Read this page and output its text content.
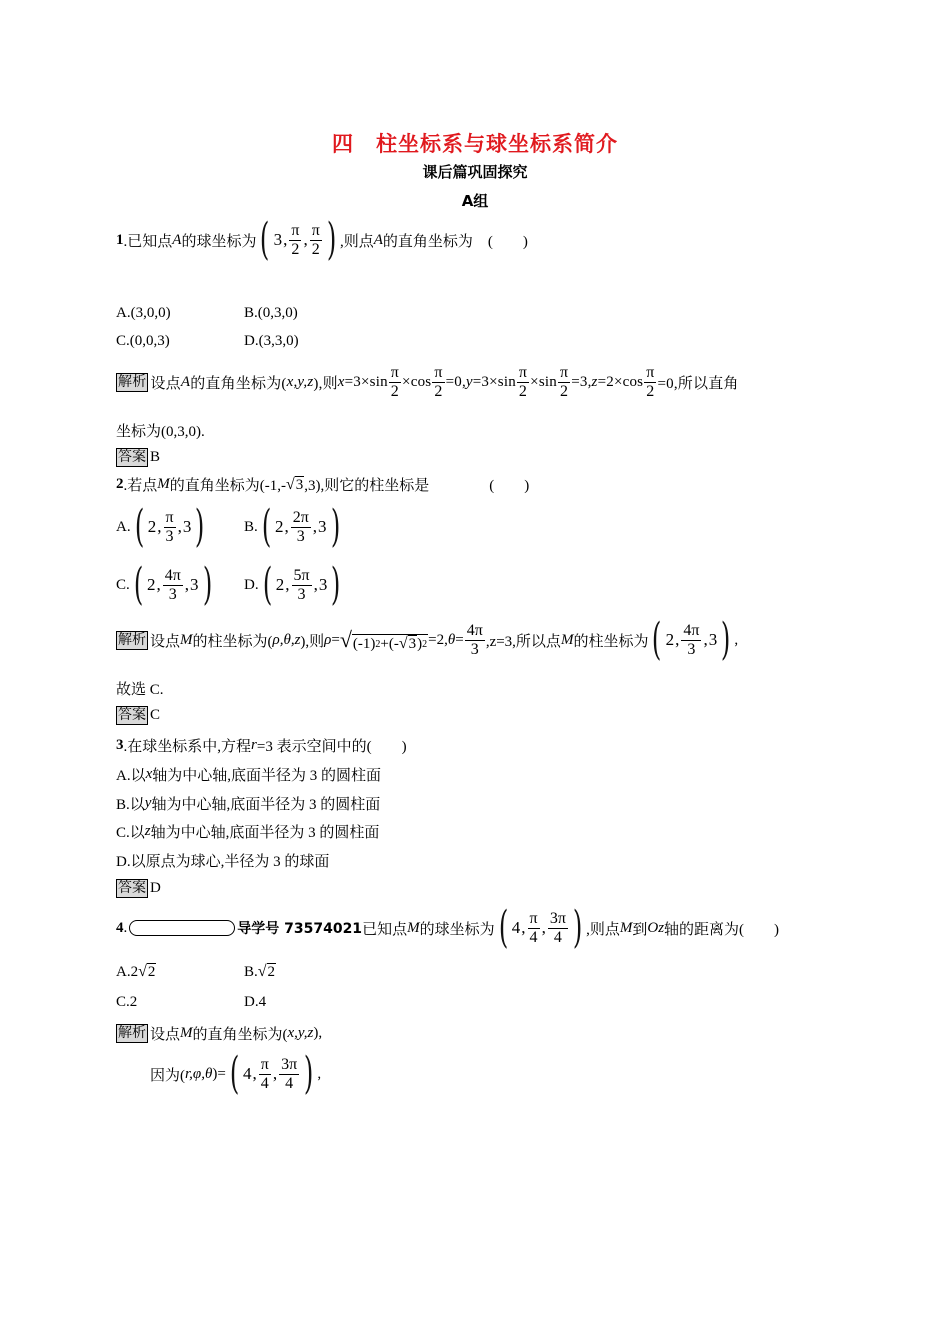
四　柱坐标系与球坐标系简介
课后篇巩固探究
A组
1 .已知点 A 的球坐标为 ( 3 , $\frac{\pi}{2}$ , $\frac{\pi}{2}$ ) ,则点 A 的直角坐标为　(　　)
A.(3,0,0)	B.(0,3,0)
C.(0,0,3)	D.(3,3,0)
解析 设点 A 的直角坐标为( x,y,z ),则 $x =3\times\sin \frac{\pi}{2} \times\cos \frac{\pi}{2} =0$, $y =3\times\sin \frac{\pi}{2} \times\sin \frac{\pi}{2} =3$, $z =2\times\cos \frac{\pi}{2} =0$,所以直角
坐标为(0,3,0).
答案 B
2 .若点 M 的直角坐标为(-1,- √ 3 ,3),则它的柱坐标是　　　　(　　)
A. ( 2 , $\frac{\pi}{3}$ , 3 )	B. ( 2 , $\frac{2\pi}{3}$ , 3 )
C. ( 2 , $\frac{4\pi}{3}$ , 3 ) D. ( 2 , $\frac{5\pi}{3}$ , 3 )
解析 设点 M 的柱坐标为( ρ,θ,z ),则 ρ = √ (-1) 2 + (- √ 3 ) 2 =2, $\theta = \frac{4\pi}{3} ,z=3$,所以点 M 的柱坐标为 ( 2 , $\frac{4\pi}{3}$ , 3 ) ,
故选 C.
答案 C
3 .在球坐标系中,方程 r =3 表示空间中的(　　)
A.以 x 轴为中心轴,底面半径为 3 的圆柱面
B.以 y 轴为中心轴,底面半径为 3 的圆柱面
C.以 z 轴为中心轴,底面半径为 3 的圆柱面
D.以原点为球心,半径为 3 的球面
答案 D
4 .	导学号 73574021 已知点 M 的球坐标为 ( 4 , $\frac{\pi}{4}$ , $\frac{3\pi}{4}$ ) ,则点 M 到 Oz 轴的距离为(　　)
A.2 √ 2	B. √ 2
C.2	D.4
解析 设点 M 的直角坐标为( x,y,z ),
因为( r,φ,θ )= ( 4 , $\frac{\pi}{4}$ , $\frac{3\pi}{4}$ ) ,
